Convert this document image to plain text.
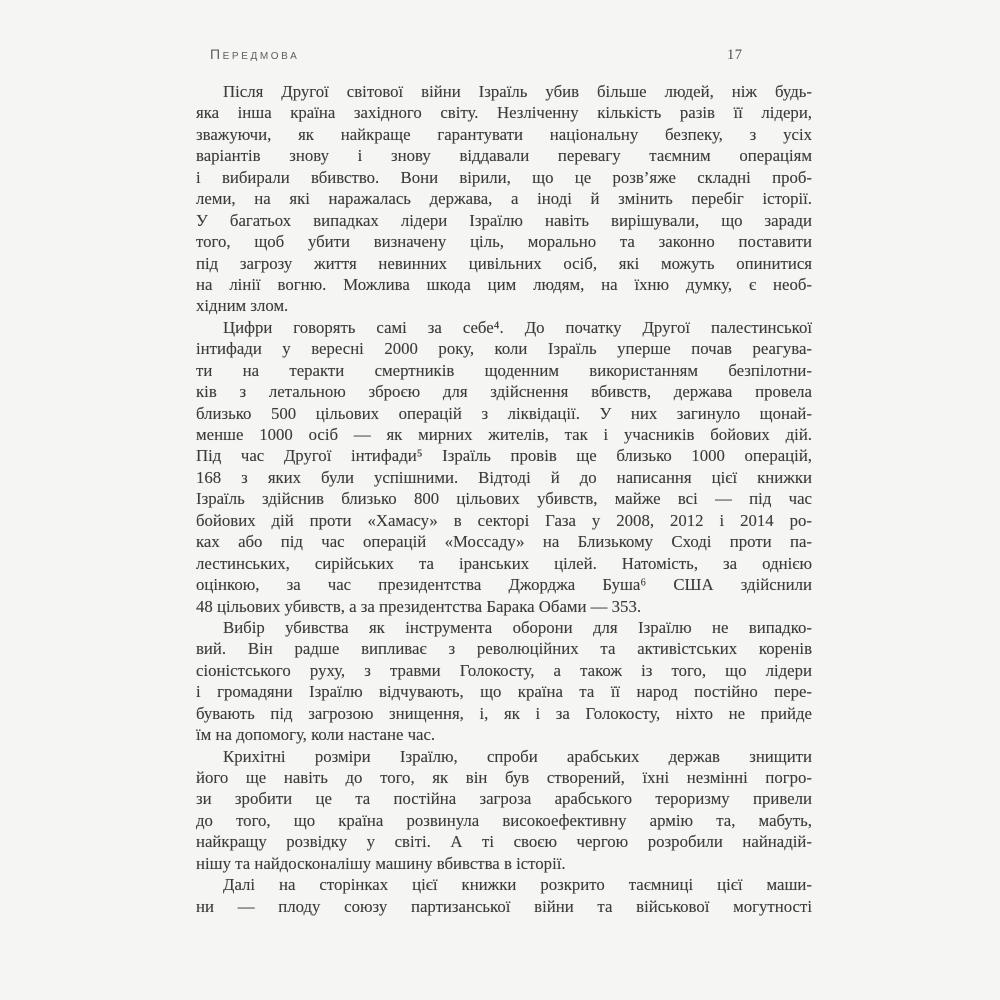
Передмова	17
Після Другої світової війни Ізраїль убив більше людей, ніж будь-
яка інша країна західного світу. Незліченну кількість разів її лідери,
зважуючи, як найкраще гарантувати національну безпеку, з усіх
варіантів знову і знову віддавали перевагу таємним операціям
і вибирали вбивство. Вони вірили, що це розв’яже складні проб-
леми, на які наражалась держава, а іноді й змінить перебіг історії.
У багатьох випадках лідери Ізраїлю навіть вирішували, що заради
того, щоб убити визначену ціль, морально та законно поставити
під загрозу життя невинних цивільних осіб, які можуть опинитися
на лінії вогню. Можлива шкода цим людям, на їхню думку, є необ-
хідним злом.
Цифри говорять самі за себе⁴. До початку Другої палестинської
інтифади у вересні 2000 року, коли Ізраїль уперше почав реагува-
ти на теракти смертників щоденним використанням безпілотни-
ків з летальною зброєю для здійснення вбивств, держава провела
близько 500 цільових операцій з ліквідації. У них загинуло щонай-
менше 1000 осіб — як мирних жителів, так і учасників бойових дій.
Під час Другої інтифади⁵ Ізраїль провів ще близько 1000 операцій,
168 з яких були успішними. Відтоді й до написання цієї книжки
Ізраїль здійснив близько 800 цільових убивств, майже всі — під час
бойових дій проти «Хамасу» в секторі Газа у 2008, 2012 і 2014 ро-
ках або під час операцій «Моссаду» на Близькому Сході проти па-
лестинських, сирійських та іранських цілей. Натомість, за однією
оцінкою, за час президентства Джорджа Буша⁶ США здійснили
48 цільових убивств, а за президентства Барака Обами — 353.
Вибір убивства як інструмента оборони для Ізраїлю не випадко-
вий. Він радше випливає з революційних та активістських коренів
сіоністського руху, з травми Голокосту, а також із того, що лідери
і громадяни Ізраїлю відчувають, що країна та її народ постійно пере-
бувають під загрозою знищення, і, як і за Голокосту, ніхто не прийде
їм на допомогу, коли настане час.
Крихітні розміри Ізраїлю, спроби арабських держав знищити
його ще навіть до того, як він був створений, їхні незмінні погро-
зи зробити це та постійна загроза арабського тероризму привели
до того, що країна розвинула високоефективну армію та, мабуть,
найкращу розвідку у світі. А ті своєю чергою розробили найнадій-
нішу та найдосконалішу машину вбивства в історії.
Далі на сторінках цієї книжки розкрито таємниці цієї маши-
ни — плоду союзу партизанської війни та військової могутності
